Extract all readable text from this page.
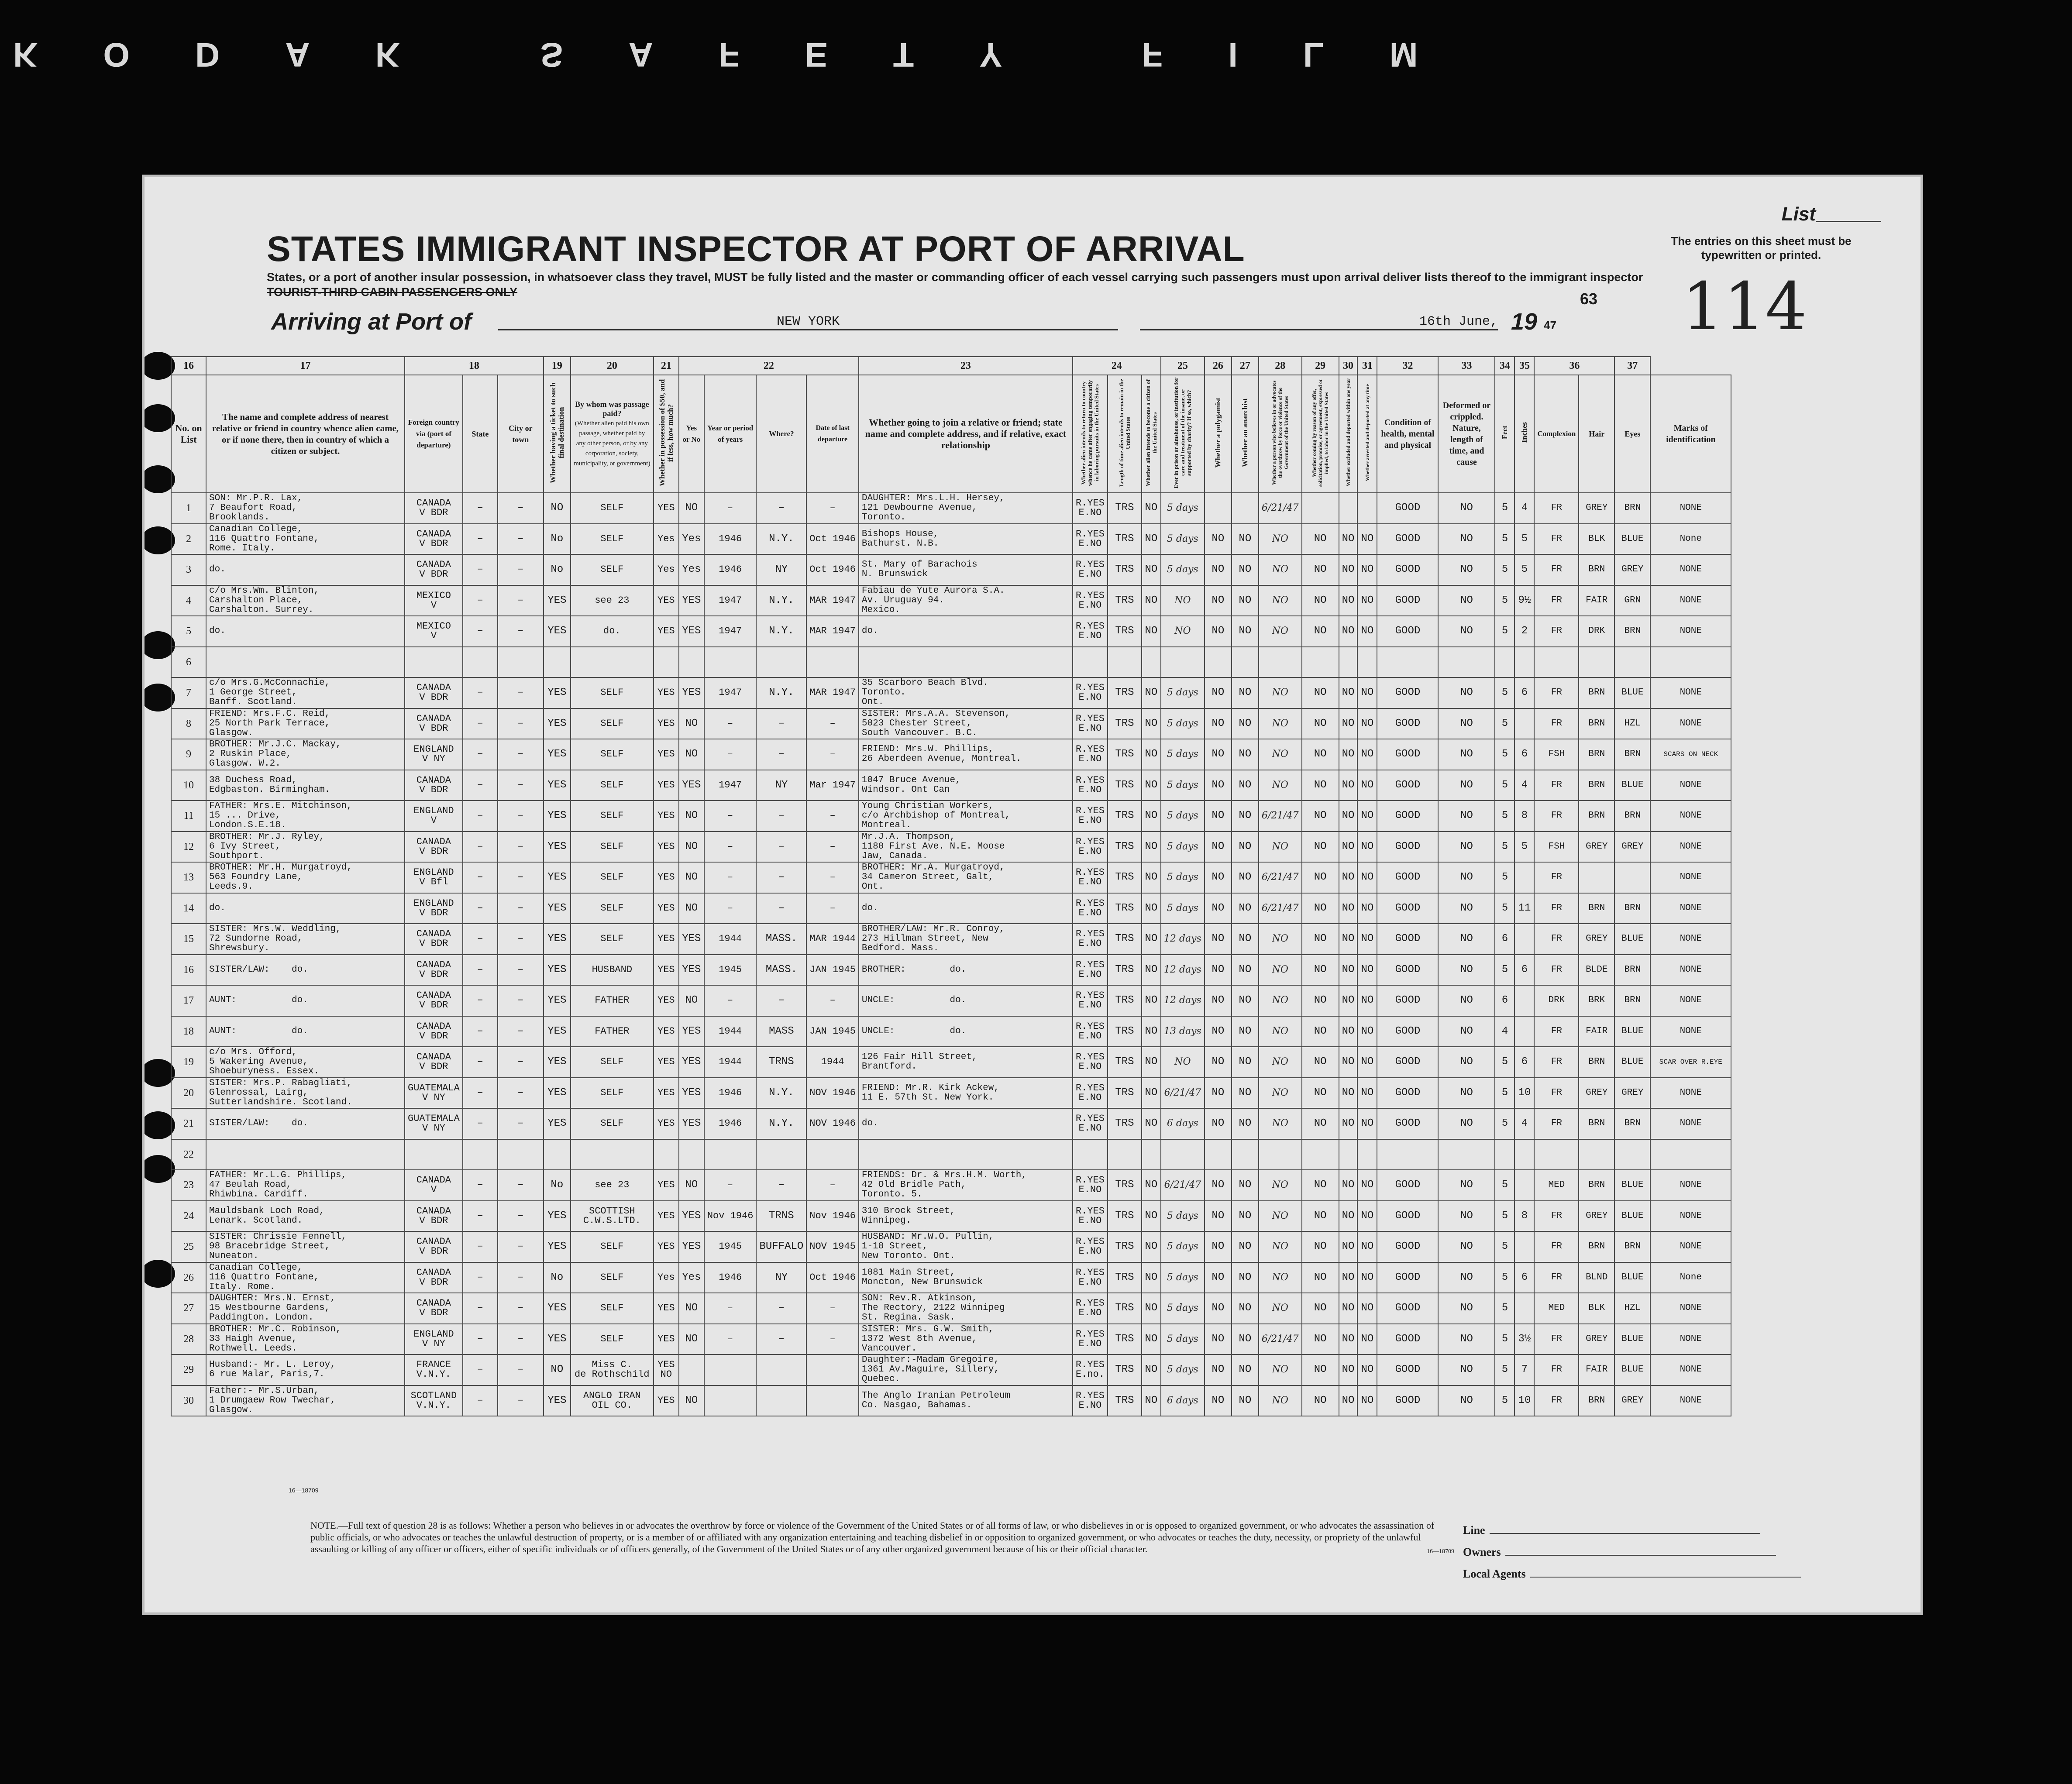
KODAK SAFETY FILM
STATES IMMIGRANT INSPECTOR AT PORT OF ARRIVAL
States, or a port of another insular possession, in whatsoever class they travel, MUST be fully listed and the master or commanding officer of each vessel carrying such passengers must upon arrival deliver lists thereof to the immigrant inspector
TOURIST-THIRD CABIN PASSENGERS ONLY
Arriving at Port of	NEW YORK	16th June, 19 47
List
The entries on this sheet must be typewritten or printed.
63 114
16	17	18			19	20	21	22				23	24			25	26	27	28	29	30	31	32	33	34	35	36		37	
No. on List	The name and complete address of nearest relative or friend in country whence alien came, or if none there, then in country of which a citizen or subject.	Foreign country via (port of departure)	State	City or town	Whether having a ticket to such final destination	By whom was passage paid?
(Whether alien paid his own passage, whether paid by any other person, or by any corporation, society, municipality, or government)	Whether in possession of $50, and if less, how much?	Yes or No	Year or period of years	Where?	Date of last departure	Whether going to join a relative or friend; state name and complete address, and if relative, exact relationship	Whether alien intends to return to country whence he came after engaging temporarily in laboring pursuits in the United States	Length of time alien intends to remain in the United States	Whether alien intends to become a citizen of the United States	Ever in prison or almshouse, or institution for care and treatment of the insane, or supported by charity? If so, which?	Whether a polygamist	Whether an anarchist	Whether a person who believes in or advocates the overthrow by force or violence of the Government of the United States	Whether coming by reason of any offer, solicitation, promise, or agreement, expressed or implied, to labor in the United States	Whether excluded and deported within one year	Whether arrested and deported at any time	Condition of health, mental and physical	Deformed or crippled. Nature, length of time, and cause	Feet	Inches	Complexion	Hair	Eyes	Marks of identification
1	SON: Mr.P.R. Lax,
7 Beaufort Road,
Brooklands.	CANADA
V BDR	–	–	NO	SELF	YES	NO	–	–	–	DAUGHTER: Mrs.L.H. Hersey,
121 Dewbourne Avenue,
Toronto.	R.YES
E.NO	TRS	NO	5 days			6/21/47				GOOD	NO	5	4	FR	GREY	BRN	NONE
2	Canadian College,
116 Quattro Fontane,
Rome. Italy.	CANADA
V BDR	–	–	No	SELF	Yes	Yes	1946	N.Y.	Oct 1946	Bishops House,
Bathurst. N.B.	R.YES
E.NO	TRS	NO	5 days	NO	NO	NO	NO	NO	NO	GOOD	NO	5	5	FR	BLK	BLUE	None
3	do.	CANADA
V BDR	–	–	No	SELF	Yes	Yes	1946	NY	Oct 1946	St. Mary of Barachois
N. Brunswick	R.YES
E.NO	TRS	NO	5 days	NO	NO	NO	NO	NO	NO	GOOD	NO	5	5	FR	BRN	GREY	NONE
4	c/o Mrs.Wm. Blinton,
Carshalton Place,
Carshalton. Surrey.	MEXICO
V	–	–	YES	see 23	YES	YES	1947	N.Y.	MAR 1947	Fabiau de Yute Aurora S.A.
Av. Uruguay 94.
Mexico.	R.YES
E.NO	TRS	NO	NO	NO	NO	NO	NO	NO	NO	GOOD	NO	5	9½	FR	FAIR	GRN	NONE
5	do.	MEXICO
V	–	–	YES	do.	YES	YES	1947	N.Y.	MAR 1947	do.	R.YES
E.NO	TRS	NO	NO	NO	NO	NO	NO	NO	NO	GOOD	NO	5	2	FR	DRK	BRN	NONE
6																														
7	c/o Mrs.G.McConnachie,
1 George Street,
Banff. Scotland.	CANADA
V BDR	–	–	YES	SELF	YES	YES	1947	N.Y.	MAR 1947	35 Scarboro Beach Blvd.
Toronto.
Ont.	R.YES
E.NO	TRS	NO	5 days	NO	NO	NO	NO	NO	NO	GOOD	NO	5	6	FR	BRN	BLUE	NONE
8	FRIEND: Mrs.F.C. Reid,
25 North Park Terrace,
Glasgow.	CANADA
V BDR	–	–	YES	SELF	YES	NO	–	–	–	SISTER: Mrs.A.A. Stevenson,
5023 Chester Street,
South Vancouver. B.C.	R.YES
E.NO	TRS	NO	5 days	NO	NO	NO	NO	NO	NO	GOOD	NO	5		FR	BRN	HZL	NONE
9	BROTHER: Mr.J.C. Mackay,
2 Ruskin Place,
Glasgow. W.2.	ENGLAND
V NY	–	–	YES	SELF	YES	NO	–	–	–	FRIEND: Mrs.W. Phillips,
26 Aberdeen Avenue, Montreal.	R.YES
E.NO	TRS	NO	5 days	NO	NO	NO	NO	NO	NO	GOOD	NO	5	6	FSH	BRN	BRN	SCARS ON NECK
10	38 Duchess Road,
Edgbaston. Birmingham.	CANADA
V BDR	–	–	YES	SELF	YES	YES	1947	NY	Mar 1947	1047 Bruce Avenue,
Windsor. Ont Can	R.YES
E.NO	TRS	NO	5 days	NO	NO	NO	NO	NO	NO	GOOD	NO	5	4	FR	BRN	BLUE	NONE
11	FATHER: Mrs.E. Mitchinson,
15 ... Drive,
London.S.E.18.	ENGLAND
V	–	–	YES	SELF	YES	NO	–	–	–	Young Christian Workers,
c/o Archbishop of Montreal,
Montreal.	R.YES
E.NO	TRS	NO	5 days	NO	NO	6/21/47	NO	NO	NO	GOOD	NO	5	8	FR	BRN	BRN	NONE
12	BROTHER: Mr.J. Ryley,
6 Ivy Street,
Southport.	CANADA
V BDR	–	–	YES	SELF	YES	NO	–	–	–	Mr.J.A. Thompson,
1180 First Ave. N.E. Moose
Jaw, Canada.	R.YES
E.NO	TRS	NO	5 days	NO	NO	NO	NO	NO	NO	GOOD	NO	5	5	FSH	GREY	GREY	NONE
13	BROTHER: Mr.H. Murgatroyd,
563 Foundry Lane,
Leeds.9.	ENGLAND
V Bfl	–	–	YES	SELF	YES	NO	–	–	–	BROTHER: Mr.A. Murgatroyd,
34 Cameron Street, Galt,
Ont.	R.YES
E.NO	TRS	NO	5 days	NO	NO	6/21/47	NO	NO	NO	GOOD	NO	5		FR			NONE
14	do.	ENGLAND
V BDR	–	–	YES	SELF	YES	NO	–	–	–	do.	R.YES
E.NO	TRS	NO	5 days	NO	NO	6/21/47	NO	NO	NO	GOOD	NO	5	11	FR	BRN	BRN	NONE
15	SISTER: Mrs.W. Weddling,
72 Sundorne Road,
Shrewsbury.	CANADA
V BDR	–	–	YES	SELF	YES	YES	1944	MASS.	MAR 1944	BROTHER/LAW: Mr.R. Conroy,
273 Hillman Street, New
Bedford. Mass.	R.YES
E.NO	TRS	NO	12 days	NO	NO	NO	NO	NO	NO	GOOD	NO	6		FR	GREY	BLUE	NONE
16	SISTER/LAW:    do.	CANADA
V BDR	–	–	YES	HUSBAND	YES	YES	1945	MASS.	JAN 1945	BROTHER:        do.	R.YES
E.NO	TRS	NO	12 days	NO	NO	NO	NO	NO	NO	GOOD	NO	5	6	FR	BLDE	BRN	NONE
17	AUNT:          do.	CANADA
V BDR	–	–	YES	FATHER	YES	NO	–	–	–	UNCLE:          do.	R.YES
E.NO	TRS	NO	12 days	NO	NO	NO	NO	NO	NO	GOOD	NO	6		DRK	BRK	BRN	NONE
18	AUNT:          do.	CANADA
V BDR	–	–	YES	FATHER	YES	YES	1944	MASS	JAN 1945	UNCLE:          do.	R.YES
E.NO	TRS	NO	13 days	NO	NO	NO	NO	NO	NO	GOOD	NO	4		FR	FAIR	BLUE	NONE
19	c/o Mrs. Offord,
5 Wakering Avenue,
Shoeburyness. Essex.	CANADA
V BDR	–	–	YES	SELF	YES	YES	1944	TRNS	1944	126 Fair Hill Street,
Brantford.	R.YES
E.NO	TRS	NO	NO	NO	NO	NO	NO	NO	NO	GOOD	NO	5	6	FR	BRN	BLUE	SCAR OVER R.EYE
20	SISTER: Mrs.P. Rabagliati,
Glenrossal, Lairg,
Sutterlandshire. Scotland.	GUATEMALA
V NY	–	–	YES	SELF	YES	YES	1946	N.Y.	NOV 1946	FRIEND: Mr.R. Kirk Ackew,
11 E. 57th St. New York.	R.YES
E.NO	TRS	NO	6/21/47	NO	NO	NO	NO	NO	NO	GOOD	NO	5	10	FR	GREY	GREY	NONE
21	SISTER/LAW:    do.	GUATEMALA
V NY	–	–	YES	SELF	YES	YES	1946	N.Y.	NOV 1946	do.	R.YES
E.NO	TRS	NO	6 days	NO	NO	NO	NO	NO	NO	GOOD	NO	5	4	FR	BRN	BRN	NONE
22																														
23	FATHER: Mr.L.G. Phillips,
47 Beulah Road,
Rhiwbina. Cardiff.	CANADA
V	–	–	No	see 23	YES	NO	–	–	–	FRIENDS: Dr. & Mrs.H.M. Worth,
42 Old Bridle Path,
Toronto. 5.	R.YES
E.NO	TRS	NO	6/21/47	NO	NO	NO	NO	NO	NO	GOOD	NO	5		MED	BRN	BLUE	NONE
24	Mauldsbank Loch Road,
Lenark. Scotland.	CANADA
V BDR	–	–	YES	SCOTTISH
C.W.S.LTD.	YES	YES	Nov 1946	TRNS	Nov 1946	310 Brock Street,
Winnipeg.	R.YES
E.NO	TRS	NO	5 days	NO	NO	NO	NO	NO	NO	GOOD	NO	5	8	FR	GREY	BLUE	NONE
25	SISTER: Chrissie Fennell,
98 Bracebridge Street,
Nuneaton.	CANADA
V BDR	–	–	YES	SELF	YES	YES	1945	BUFFALO	NOV 1945	HUSBAND: Mr.W.O. Pullin,
1-18 Street,
New Toronto. Ont.	R.YES
E.NO	TRS	NO	5 days	NO	NO	NO	NO	NO	NO	GOOD	NO	5		FR	BRN	BRN	NONE
26	Canadian College,
116 Quattro Fontane,
Italy. Rome.	CANADA
V BDR	–	–	No	SELF	Yes	Yes	1946	NY	Oct 1946	1081 Main Street,
Moncton, New Brunswick	R.YES
E.NO	TRS	NO	5 days	NO	NO	NO	NO	NO	NO	GOOD	NO	5	6	FR	BLND	BLUE	None
27	DAUGHTER: Mrs.N. Ernst,
15 Westbourne Gardens,
Paddington. London.	CANADA
V BDR	–	–	YES	SELF	YES	NO	–	–	–	SON: Rev.R. Atkinson,
The Rectory, 2122 Winnipeg
St. Regina. Sask.	R.YES
E.NO	TRS	NO	5 days	NO	NO	NO	NO	NO	NO	GOOD	NO	5		MED	BLK	HZL	NONE
28	BROTHER: Mr.C. Robinson,
33 Haigh Avenue,
Rothwell. Leeds.	ENGLAND
V NY	–	–	YES	SELF	YES	NO	–	–	–	SISTER: Mrs. G.W. Smith,
1372 West 8th Avenue,
Vancouver.	R.YES
E.NO	TRS	NO	5 days	NO	NO	6/21/47	NO	NO	NO	GOOD	NO	5	3½	FR	GREY	BLUE	NONE
29	Husband:- Mr. L. Leroy,
6 rue Malar, Paris,7.	FRANCE
V.N.Y.	–	–	NO	Miss C.
de Rothschild	YES
NO					Daughter:-Madam Gregoire,
1361 Av.Maguire, Sillery,
Quebec.	R.YES
E.no.	TRS	NO	5 days	NO	NO	NO	NO	NO	NO	GOOD	NO	5	7	FR	FAIR	BLUE	NONE
30	Father:- Mr.S.Urban,
1 Drumgaew Row Twechar,
Glasgow.	SCOTLAND
V.N.Y.	–	–	YES	ANGLO IRAN
OIL CO.	YES	NO				The Anglo Iranian Petroleum
Co. Nasgao, Bahamas.	R.YES
E.NO	TRS	NO	6 days	NO	NO	NO	NO	NO	NO	GOOD	NO	5	10	FR	BRN	GREY	NONE
16—18709
NOTE.—Full text of question 28 is as follows: Whether a person who believes in or advocates the overthrow by force or violence of the Government of the United States or of all forms of law, or who disbelieves in or is opposed to organized government, or who advocates the assassination of public officials, or who advocates or teaches the unlawful destruction of property, or is a member of or affiliated with any organization entertaining and teaching disbelief in or opposition to organized government, or who advocates or teaches the duty, necessity, or propriety of the unlawful assaulting or killing of any officer or officers, either of specific individuals or of officers generally, of the Government of the United States or of any other organized government because of his or their official character.	16—18709
Line
Owners
Local Agents
